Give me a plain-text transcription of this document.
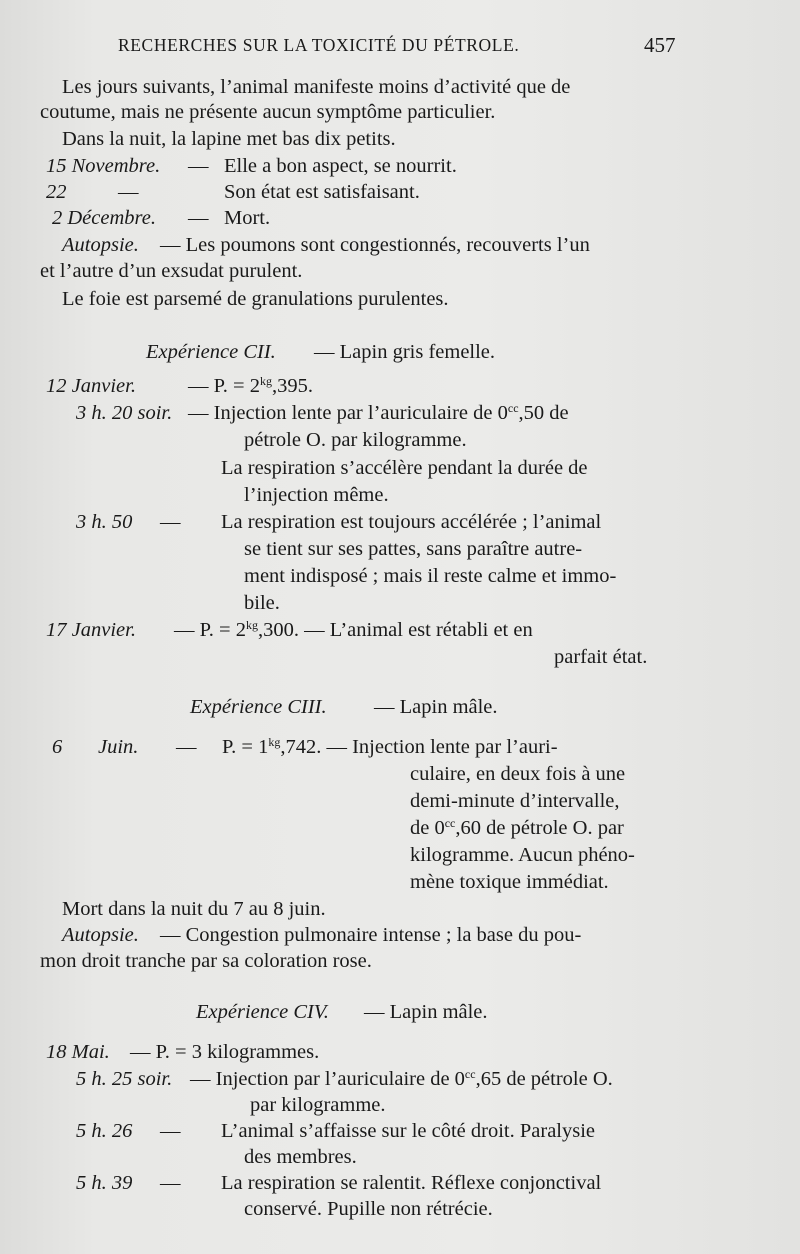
RECHERCHES SUR LA TOXICITÉ DU PÉTROLE.	457
Les jours suivants, l’animal manifeste moins d’activité que de
coutume, mais ne présente aucun symptôme particulier.
Dans la nuit, la lapine met bas dix petits.
15 Novembre. — Elle a bon aspect, se nourrit.
22	—	Son état est satisfaisant.
2 Décembre. — Mort.
Autopsie. — Les poumons sont congestionnés, recouverts l’un
et l’autre d’un exsudat purulent.
Le foie est parsemé de granulations purulentes.
Expérience CII. — Lapin gris femelle.
12 Janvier.	— P. = $2^{kg},395$.
3 h. 20 soir. — Injection lente par l’auriculaire de $0^{cc},50$ de
pétrole O. par kilogramme.
La respiration s’accélère pendant la durée de
l’injection même.
3 h. 50 — La respiration est toujours accélérée ; l’animal
se tient sur ses pattes, sans paraître autre-
ment indisposé ; mais il reste calme et immo-
bile.
17 Janvier. — P. = $2^{kg},300$. — L’animal est rétabli et en
parfait état.
Expérience CIII. — Lapin mâle.
6 Juin. — P. = $1^{kg},742$. — Injection lente par l’auri-
culaire, en deux fois à une
demi-minute d’intervalle,
de $0^{cc},60$ de pétrole O. par
kilogramme. Aucun phéno-
mène toxique immédiat.
Mort dans la nuit du 7 au 8 juin.
Autopsie. — Congestion pulmonaire intense ; la base du pou-
mon droit tranche par sa coloration rose.
Expérience CIV. — Lapin mâle.
18 Mai. — P. = 3 kilogrammes.
5 h. 25 soir. — Injection par l’auriculaire de $0^{cc},65$ de pétrole O.
par kilogramme.
5 h. 26 — L’animal s’affaisse sur le côté droit. Paralysie
des membres.
5 h. 39 — La respiration se ralentit. Réflexe conjonctival
conservé. Pupille non rétrécie.
